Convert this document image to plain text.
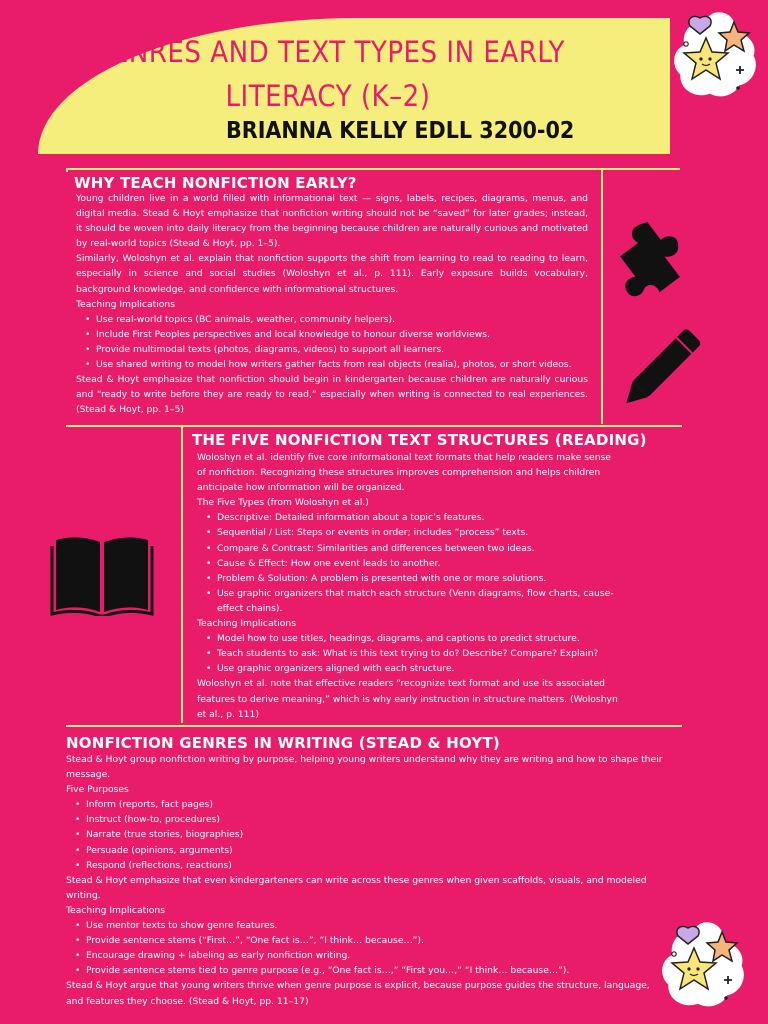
GENRES AND TEXT TYPES IN EARLY LITERACY (K–2)

BRIANNA KELLY EDLL 3200-02

WHY TEACH NONFICTION EARLY?

Young children live in a world filled with informational text — signs, labels, recipes, diagrams, menus, and digital media. Stead & Hoyt emphasize that nonfiction writing should not be “saved” for later grades; instead, it should be woven into daily literacy from the beginning because children are naturally curious and motivated by real-world topics (Stead & Hoyt, pp. 1–5).

Similarly, Woloshyn et al. explain that nonfiction supports the shift from learning to read to reading to learn, especially in science and social studies (Woloshyn et al., p. 111). Early exposure builds vocabulary, background knowledge, and confidence with informational structures.

Teaching Implications

• Use real-world topics (BC animals, weather, community helpers).
• Include First Peoples perspectives and local knowledge to honour diverse worldviews.
• Provide multimodal texts (photos, diagrams, videos) to support all learners.
• Use shared writing to model how writers gather facts from real objects (realia), photos, or short videos.

Stead & Hoyt emphasize that nonfiction should begin in kindergarten because children are naturally curious and “ready to write before they are ready to read,” especially when writing is connected to real experiences. (Stead & Hoyt, pp. 1–5)

THE FIVE NONFICTION TEXT STRUCTURES (READING)

Woloshyn et al. identify five core informational text formats that help readers make sense of nonfiction. Recognizing these structures improves comprehension and helps children anticipate how information will be organized.

The Five Types (from Woloshyn et al.)

• Descriptive: Detailed information about a topic’s features.
• Sequential / List: Steps or events in order; includes “process” texts.
• Compare & Contrast: Similarities and differences between two ideas.
• Cause & Effect: How one event leads to another.
• Problem & Solution: A problem is presented with one or more solutions.
• Use graphic organizers that match each structure (Venn diagrams, flow charts, cause-effect chains).

Teaching Implications

• Model how to use titles, headings, diagrams, and captions to predict structure.
• Teach students to ask: What is this text trying to do? Describe? Compare? Explain?
• Use graphic organizers aligned with each structure.

Woloshyn et al. note that effective readers “recognize text format and use its associated features to derive meaning,” which is why early instruction in structure matters. (Woloshyn et al., p. 111)

NONFICTION GENRES IN WRITING (STEAD & HOYT)

Stead & Hoyt group nonfiction writing by purpose, helping young writers understand why they are writing and how to shape their message.

Five Purposes

• Inform (reports, fact pages)
• Instruct (how-to, procedures)
• Narrate (true stories, biographies)
• Persuade (opinions, arguments)
• Respond (reflections, reactions)

Stead & Hoyt emphasize that even kindergarteners can write across these genres when given scaffolds, visuals, and modeled writing.

Teaching Implications

• Use mentor texts to show genre features.
• Provide sentence stems (“First…”, “One fact is…”, “I think… because…”).
• Encourage drawing + labeling as early nonfiction writing.
• Provide sentence stems tied to genre purpose (e.g., “One fact is…,” “First you…,” “I think… because…”).

Stead & Hoyt argue that young writers thrive when genre purpose is explicit, because purpose guides the structure, language, and features they choose. (Stead & Hoyt, pp. 11–17)
